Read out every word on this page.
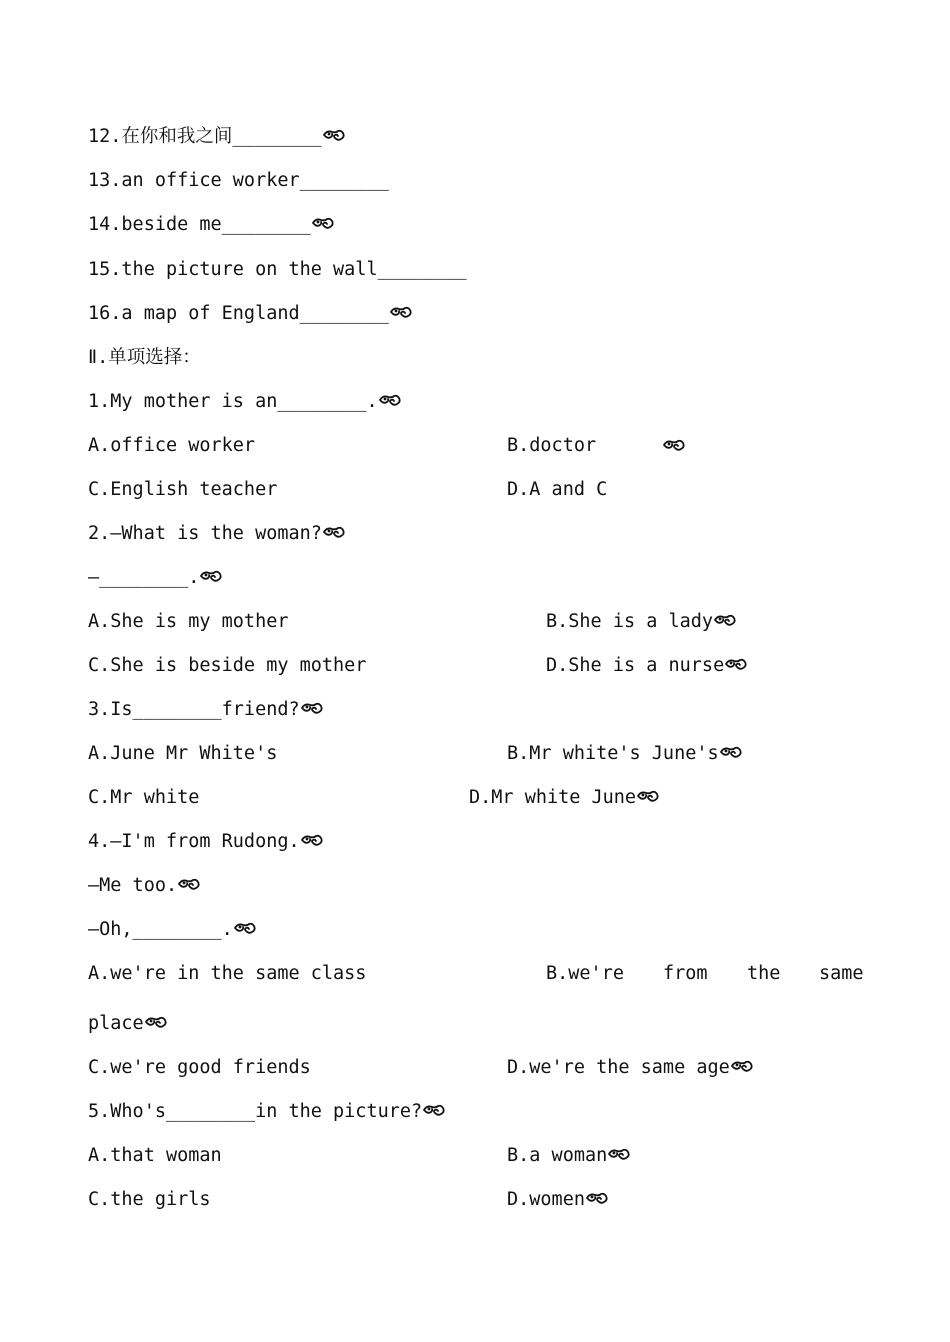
12.在你和我之间________
13.an office worker________
14.beside me________
15.the picture on the wall________
16.a map of England________
Ⅱ.单项选择：
1.My mother is an________.
A.office worker	B.doctor
C.English teacher	D.A and C
2.—What is the woman?
—________.
A.She is my mother	B.She is a lady
C.She is beside my mother	D.She is a nurse
3.Is________friend?
A.June Mr White's	B.Mr white's June's
C.Mr white	D.Mr white June
4.—I'm from Rudong.
—Me too.
—Oh,________.
A.we're in the same class	B.we're from the same
place
C.we're good friends	D.we're the same age
5.Who's________in the picture?
A.that woman	B.a woman
C.the girls	D.women
